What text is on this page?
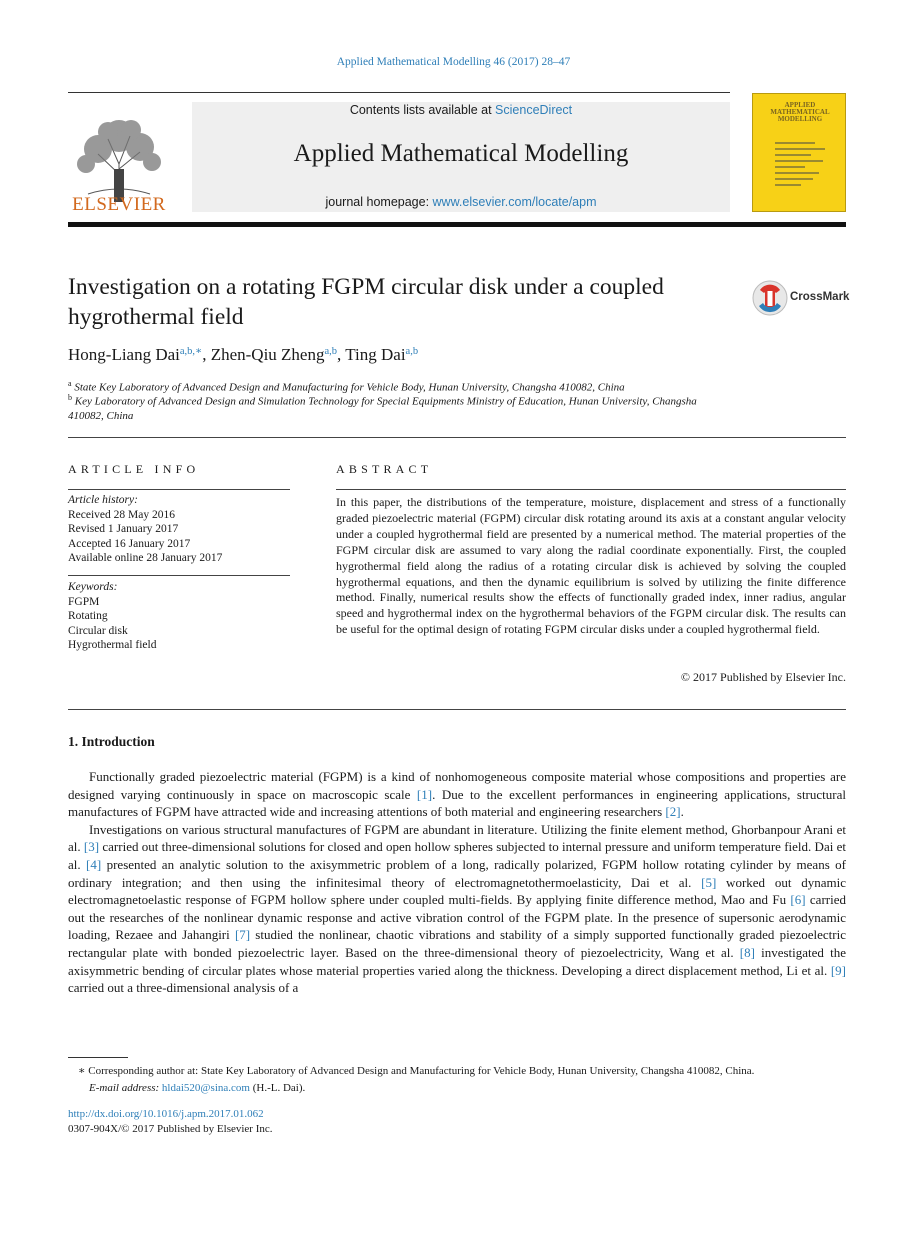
Applied Mathematical Modelling 46 (2017) 28–47
ELSEVIER
Contents lists available at ScienceDirect
Applied Mathematical Modelling
journal homepage: www.elsevier.com/locate/apm
APPLIED MATHEMATICAL MODELLING
Investigation on a rotating FGPM circular disk under a coupled hygrothermal field
CrossMark
Hong-Liang Dai$^{a,b,∗}$, Zhen-Qiu Zheng$^{a,b}$, Ting Dai$^{a,b}$
$^a$ State Key Laboratory of Advanced Design and Manufacturing for Vehicle Body, Hunan University, Changsha 410082, China
$^b$ Key Laboratory of Advanced Design and Simulation Technology for Special Equipments Ministry of Education, Hunan University, Changsha 410082, China
ARTICLE INFO
Article history:
Received 28 May 2016
Revised 1 January 2017
Accepted 16 January 2017
Available online 28 January 2017
Keywords:
FGPM
Rotating
Circular disk
Hygrothermal field
ABSTRACT
In this paper, the distributions of the temperature, moisture, displacement and stress of a functionally graded piezoelectric material (FGPM) circular disk rotating around its axis at a constant angular velocity under a coupled hygrothermal field are presented by a numerical method. The material properties of the FGPM circular disk are assumed to vary along the radial coordinate exponentially. First, the coupled hygrothermal field along the radius of a rotating circular disk is achieved by solving the coupled hygrothermal equations, and then the dynamic equilibrium is solved by utilizing the finite difference method. Finally, numerical results show the effects of functionally graded index, inner radius, angular speed and hygrothermal index on the hygrothermal behaviors of the FGPM circular disk. The results can be useful for the optimal design of rotating FGPM circular disks under a coupled hygrothermal field.
© 2017 Published by Elsevier Inc.
1. Introduction

Functionally graded piezoelectric material (FGPM) is a kind of nonhomogeneous composite material whose compositions and properties are designed varying continuously in space on macroscopic scale [1]. Due to the excellent performances in engineering applications, structural manufactures of FGPM have attracted wide and increasing attentions of both material and engineering researchers [2].

Investigations on various structural manufactures of FGPM are abundant in literature. Utilizing the finite element method, Ghorbanpour Arani et al. [3] carried out three-dimensional solutions for closed and open hollow spheres subjected to internal pressure and uniform temperature field. Dai et al. [4] presented an analytic solution to the axisymmetric problem of a long, radically polarized, FGPM hollow rotating cylinder by means of ordinary integration; and then using the infinitesimal theory of electromagnetothermoelasticity, Dai et al. [5] worked out dynamic electromagnetoelastic response of FGPM hollow sphere under coupled multi-fields. By applying finite difference method, Mao and Fu [6] carried out the researches of the nonlinear dynamic response and active vibration control of the FGPM plate. In the presence of supersonic aerodynamic loading, Rezaee and Jahangiri [7] studied the nonlinear, chaotic vibrations and stability of a simply supported functionally graded piezoelectric rectangular plate with bonded piezoelectric layer. Based on the three-dimensional theory of piezoelectricity, Wang et al. [8] investigated the axisymmetric bending of circular plates whose material properties varied along the thickness. Developing a direct displacement method, Li et al. [9] carried out a three-dimensional analysis of a

∗ Corresponding author at: State Key Laboratory of Advanced Design and Manufacturing for Vehicle Body, Hunan University, Changsha 410082, China.
E-mail address: hldai520@sina.com (H.-L. Dai).
http://dx.doi.org/10.1016/j.apm.2017.01.062
0307-904X/© 2017 Published by Elsevier Inc.
